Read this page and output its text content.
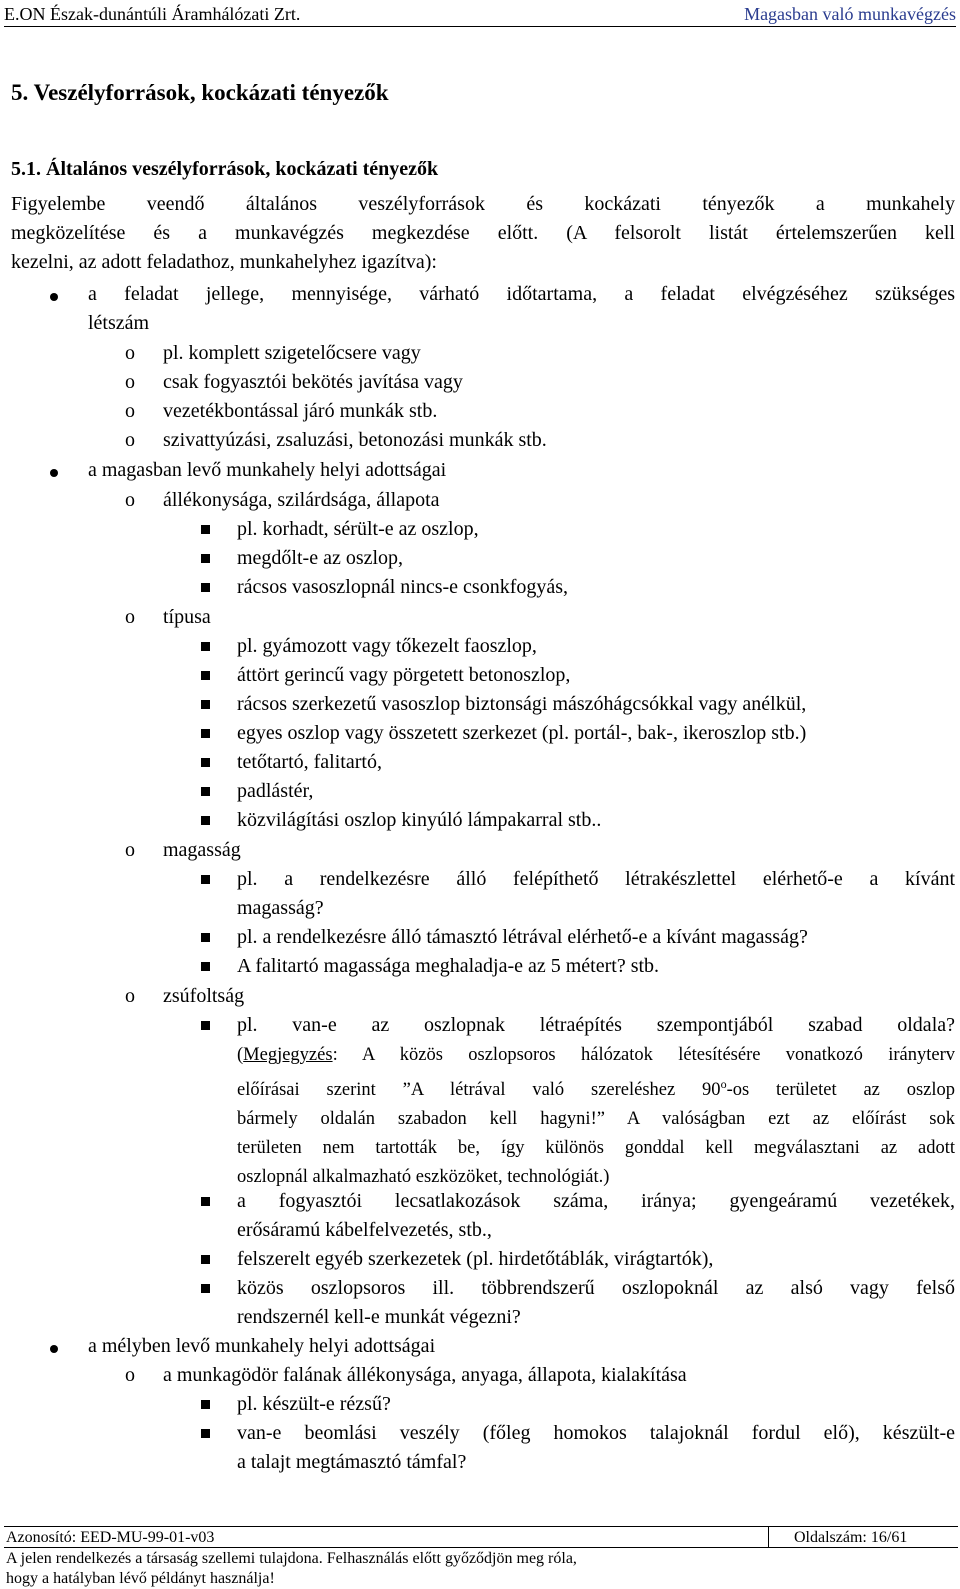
E.ON Észak-dunántúli Áramhálózati Zrt.	Magasban való munkavégzés
5. Veszélyforrások, kockázati tényezők
5.1. Általános veszélyforrások, kockázati tényezők
Figyelembe veendő általános veszélyforrások és kockázati tényezők a munkahely
megközelítése és a munkavégzés megkezdése előtt. (A felsorolt listát értelemszerűen kell
kezelni, az adott feladathoz, munkahelyhez igazítva):
a feladat jellege, mennyisége, várható időtartama, a feladat elvégzéséhez szükséges
létszám
o pl. komplett szigetelőcsere vagy
o csak fogyasztói bekötés javítása vagy
o vezetékbontással járó munkák stb.
o szivattyúzási, zsaluzási, betonozási munkák stb.
a magasban levő munkahely helyi adottságai
o állékonysága, szilárdsága, állapota
pl. korhadt, sérült-e az oszlop,
megdőlt-e az oszlop,
rácsos vasoszlopnál nincs-e csonkfogyás,
o típusa
pl. gyámozott vagy tőkezelt faoszlop,
áttört gerincű vagy pörgetett betonoszlop,
rácsos szerkezetű vasoszlop biztonsági mászóhágcsókkal vagy anélkül,
egyes oszlop vagy összetett szerkezet (pl. portál-, bak-, ikeroszlop stb.)
tetőtartó, falitartó,
padlástér,
közvilágítási oszlop kinyúló lámpakarral stb..
o magasság
pl. a rendelkezésre álló felépíthető létrakészlettel elérhető-e a kívánt
magasság?
pl. a rendelkezésre álló támasztó létrával elérhető-e a kívánt magasság?
A falitartó magassága meghaladja-e az 5 métert? stb.
o zsúfoltság
pl. van-e az oszlopnak létraépítés szempontjából szabad oldala?
(Megjegyzés: A közös oszlopsoros hálózatok létesítésére vonatkozó irányterv
előírásai szerint ”A létrával való szereléshez 90$^o$-os területet az oszlop
bármely oldalán szabadon kell hagyni!” A valóságban ezt az előírást sok
területen nem tartották be, így különös gonddal kell megválasztani az adott
oszlopnál alkalmazható eszközöket, technológiát.)
a fogyasztói lecsatlakozások száma, iránya; gyengeáramú vezetékek,
erősáramú kábelfelvezetés, stb.,
felszerelt egyéb szerkezetek (pl. hirdetőtáblák, virágtartók),
közös oszlopsoros ill. többrendszerű oszlopoknál az alsó vagy felső
rendszernél kell-e munkát végezni?
a mélyben levő munkahely helyi adottságai
o a munkagödör falának állékonysága, anyaga, állapota, kialakítása
pl. készült-e rézsű?
van-e beomlási veszély (főleg homokos talajoknál fordul elő), készült-e
a talajt megtámasztó támfal?
Azonosító: EED-MU-99-01-v03	Oldalszám: 16/61
A jelen rendelkezés a társaság szellemi tulajdona. Felhasználás előtt győződjön meg róla,
hogy a hatályban lévő példányt használja!
